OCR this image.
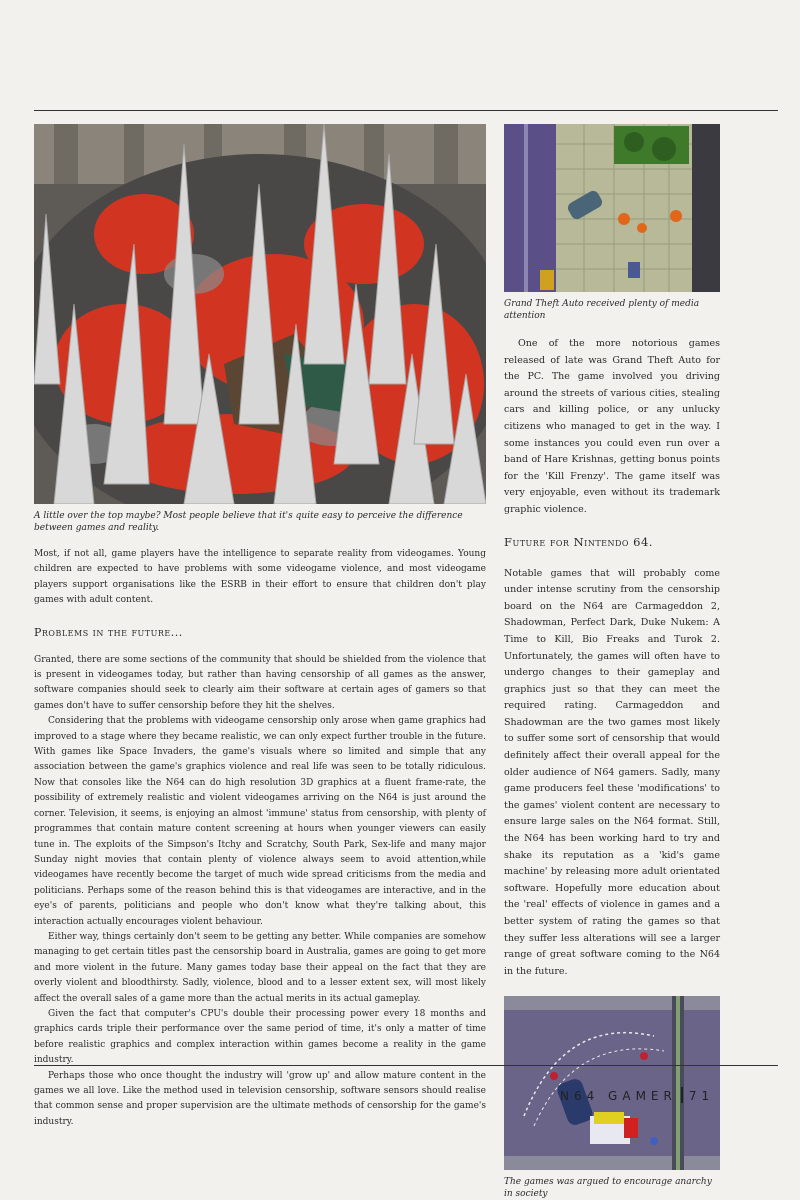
A little over the top maybe? Most people believe that it's quite easy to perceive the difference between games and reality.

Most, if not all, game players have the intelligence to separate reality from videogames. Young children are expected to have problems with some videogame violence, and most videogame players support organisations like the ESRB in their effort to ensure that children don't play games with adult content.

Problems in the future...

Granted, there are some sections of the community that should be shielded from the violence that is present in videogames today, but rather than having censorship of all games as the answer, software companies should seek to clearly aim their software at certain ages of gamers so that games don't have to suffer censorship before they hit the shelves.

Considering that the problems with videogame censorship only arose when game graphics had improved to a stage where they became realistic, we can only expect further trouble in the future. With games like Space Invaders, the game's visuals where so limited and simple that any association between the game's graphics violence and real life was seen to be totally ridiculous. Now that consoles like the N64 can do high resolution 3D graphics at a fluent frame-rate, the possibility of extremely realistic and violent videogames arriving on the N64 is just around the corner. Television, it seems, is enjoying an almost 'immune' status from censorship, with plenty of programmes that contain mature content screening at hours when younger viewers can easily tune in. The exploits of the Simpson's Itchy and Scratchy, South Park, Sex-life and many major Sunday night movies that contain plenty of violence always seem to avoid attention,while videogames have recently become the target of much wide spread criticisms from the media and politicians. Perhaps some of the reason behind this is that videogames are interactive, and in the eye's of parents, politicians and people who don't know what they're talking about, this interaction actually encourages violent behaviour.

Either way, things certainly don't seem to be getting any better. While companies are somehow managing to get certain titles past the censorship board in Australia, games are going to get more and more violent in the future. Many games today base their appeal on the fact that they are overly violent and bloodthirsty. Sadly, violence, blood and to a lesser extent sex, will most likely affect the overall sales of a game more than the actual merits in its actual gameplay.

Given the fact that computer's CPU's double their processing power every 18 months and graphics cards triple their performance over the same period of time, it's only a matter of time before realistic graphics and complex interaction within games become a reality in the game industry.

Perhaps those who once thought the industry will 'grow up' and allow mature content in the games we all love. Like the method used in television censorship, software sensors should realise that common sense and proper supervision are the ultimate methods of censorship for the game's industry.

Grand Theft Auto received plenty of media attention

One of the more notorious games released of late was Grand Theft Auto for the PC. The game involved you driving around the streets of various cities, stealing cars and killing police, or any unlucky citizens who managed to get in the way. I some instances you could even run over a band of Hare Krishnas, getting bonus points for the 'Kill Frenzy'. The game itself was very enjoyable, even without its trademark graphic violence.

Future for Nintendo 64.

Notable games that will probably come under intense scrutiny from the censorship board on the N64 are Carmageddon 2, Shadowman, Perfect Dark, Duke Nukem: A Time to Kill, Bio Freaks and Turok 2. Unfortunately, the games will often have to undergo changes to their gameplay and graphics just so that they can meet the required rating. Carmageddon and Shadowman are the two games most likely to suffer some sort of censorship that would definitely affect their overall appeal for the older audience of N64 gamers. Sadly, many game producers feel these 'modifications' to the games' violent content are necessary to ensure large sales on the N64 format. Still, the N64 has been working hard to try and shake its reputation as a 'kid's game machine' by releasing more adult orientated software. Hopefully more education about the 'real' effects of violence in games and a better system of rating the games so that they suffer less alterations will see a larger range of great software coming to the N64 in the future.

The games was argued to encourage anarchy in society
N64 GAMER 71
